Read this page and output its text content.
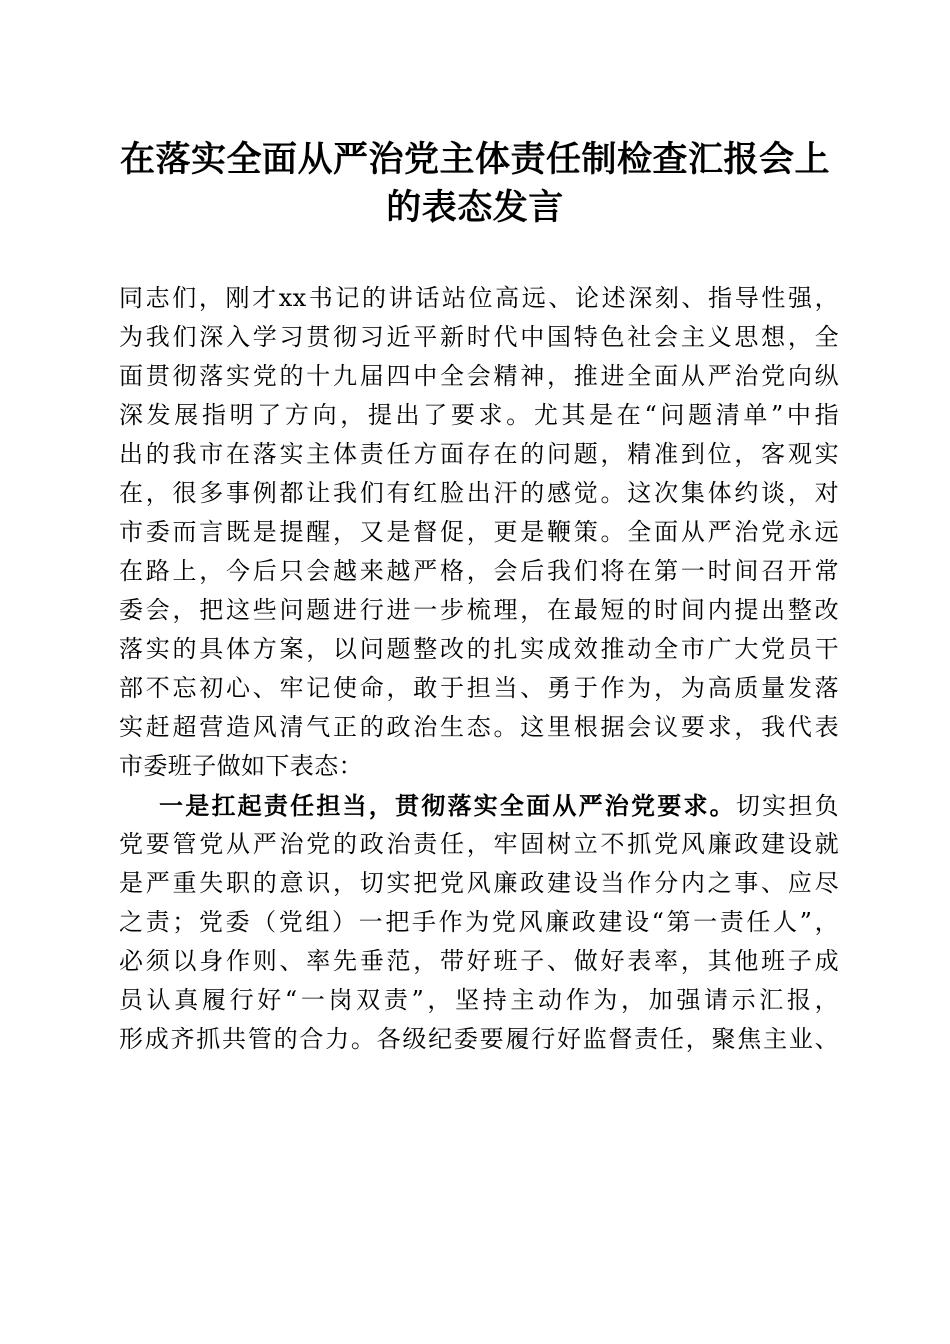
在落实全面从严治党主体责任制检查汇报会上
的表态发言
同志们，刚才xx书记的讲话站位高远、论述深刻、指导性强，
为我们深入学习贯彻习近平新时代中国特色社会主义思想，全
面贯彻落实党的十九届四中全会精神，推进全面从严治党向纵
深发展指明了方向，提出了要求。尤其是在“问题清单”中指
出的我市在落实主体责任方面存在的问题，精准到位，客观实
在，很多事例都让我们有红脸出汗的感觉。这次集体约谈，对
市委而言既是提醒，又是督促，更是鞭策。全面从严治党永远
在路上，今后只会越来越严格，会后我们将在第一时间召开常
委会，把这些问题进行进一步梳理，在最短的时间内提出整改
落实的具体方案，以问题整改的扎实成效推动全市广大党员干
部不忘初心、牢记使命，敢于担当、勇于作为，为高质量发落
实赶超营造风清气正的政治生态。这里根据会议要求，我代表
市委班子做如下表态：
一是扛起责任担当，贯彻落实全面从严治党要求。切实担负
党要管党从严治党的政治责任，牢固树立不抓党风廉政建设就
是严重失职的意识，切实把党风廉政建设当作分内之事、应尽
之责；党委（党组）一把手作为党风廉政建设“第一责任人”，
必须以身作则、率先垂范，带好班子、做好表率，其他班子成
员认真履行好“一岗双责”，坚持主动作为，加强请示汇报，
形成齐抓共管的合力。各级纪委要履行好监督责任，聚焦主业、
